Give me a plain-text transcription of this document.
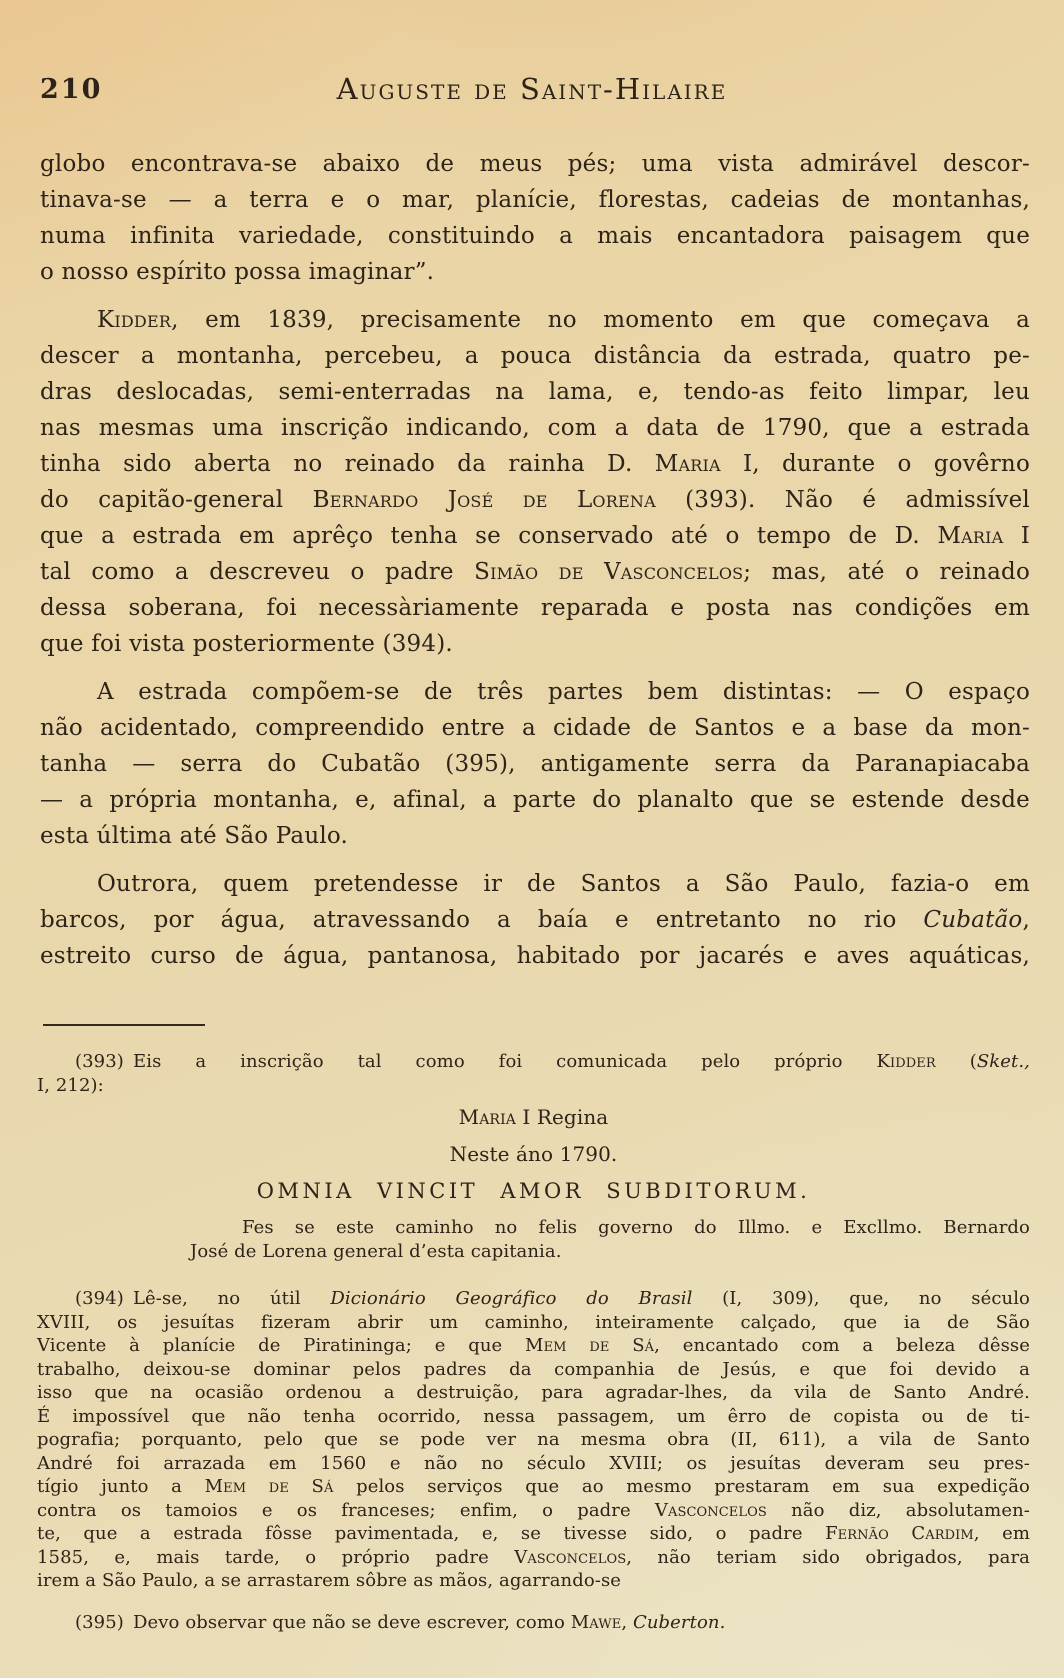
210	Auguste de Saint-Hilaire
globo encontrava-se abaixo de meus pés; uma vista admirável descor-
tinava-se — a terra e o mar, planície, florestas, cadeias de montanhas,
numa infinita variedade, constituindo a mais encantadora paisagem que
o nosso espírito possa imaginar”.
Kidder, em 1839, precisamente no momento em que começava a
descer a montanha, percebeu, a pouca distância da estrada, quatro pe-
dras deslocadas, semi-enterradas na lama, e, tendo-as feito limpar, leu
nas mesmas uma inscrição indicando, com a data de 1790, que a estrada
tinha sido aberta no reinado da rainha D. Maria I, durante o govêrno
do capitão-general Bernardo José de Lorena (393). Não é admissível
que a estrada em aprêço tenha se conservado até o tempo de D. Maria I
tal como a descreveu o padre Simão de Vasconcelos; mas, até o reinado
dessa soberana, foi necessàriamente reparada e posta nas condições em
que foi vista posteriormente (394).
A estrada compõem-se de três partes bem distintas: — O espaço
não acidentado, compreendido entre a cidade de Santos e a base da mon-
tanha — serra do Cubatão (395), antigamente serra da Paranapiacaba
— a própria montanha, e, afinal, a parte do planalto que se estende desde
esta última até São Paulo.
Outrora, quem pretendesse ir de Santos a São Paulo, fazia-o em
barcos, por água, atravessando a baía e entretanto no rio Cubatão,
estreito curso de água, pantanosa, habitado por jacarés e aves aquáticas,
(393) Eis a inscrição tal como foi comunicada pelo próprio Kidder (Sket.,
I, 212):
Maria I Regina
Neste áno 1790.
OMNIA VINCIT AMOR SUBDITORUM.
Fes se este caminho no felis governo do Illmo. e Excllmo. Bernardo
José de Lorena general d’esta capitania.
(394) Lê-se, no útil Dicionário Geográfico do Brasil (I, 309), que, no século
XVIII, os jesuítas fizeram abrir um caminho, inteiramente calçado, que ia de São
Vicente à planície de Piratininga; e que Mem de Sá, encantado com a beleza dêsse
trabalho, deixou-se dominar pelos padres da companhia de Jesús, e que foi devido a
isso que na ocasião ordenou a destruição, para agradar-lhes, da vila de Santo André.
É impossível que não tenha ocorrido, nessa passagem, um êrro de copista ou de ti-
pografia; porquanto, pelo que se pode ver na mesma obra (II, 611), a vila de Santo
André foi arrazada em 1560 e não no século XVIII; os jesuítas deveram seu pres-
tígio junto a Mem de Sá pelos serviços que ao mesmo prestaram em sua expedição
contra os tamoios e os franceses; enfim, o padre Vasconcelos não diz, absolutamen-
te, que a estrada fôsse pavimentada, e, se tivesse sido, o padre Fernão Cardim, em
1585, e, mais tarde, o próprio padre Vasconcelos, não teriam sido obrigados, para
irem a São Paulo, a se arrastarem sôbre as mãos, agarrando-se
(395) Devo observar que não se deve escrever, como Mawe, Cuberton.
